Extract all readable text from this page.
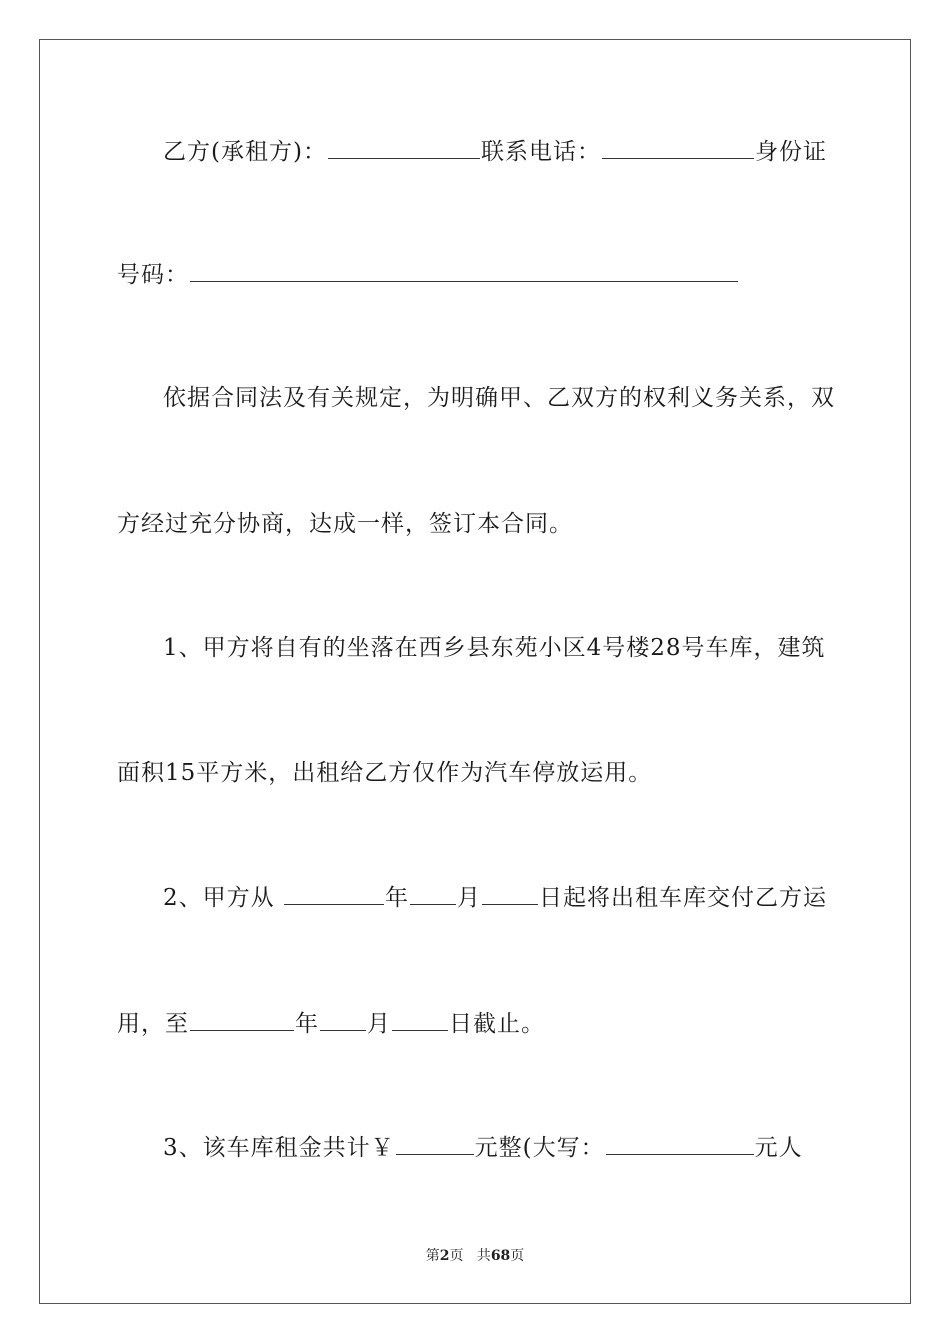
乙方(承租方)：	联系电话：	身份证
号码：
依据合同法及有关规定，为明确甲、乙双方的权利义务关系，双
方经过充分协商，达成一样，签订本合同。
1、甲方将自有的坐落在西乡县东苑小区4号楼28号车库，建筑
面积15平方米，出租给乙方仅作为汽车停放运用。
2、甲方从	年 月	日起将出租车库交付乙方运
用，至	年 月	日截止。
3、该车库租金共计￥	元整(大写：	元人
第2页 共68页
